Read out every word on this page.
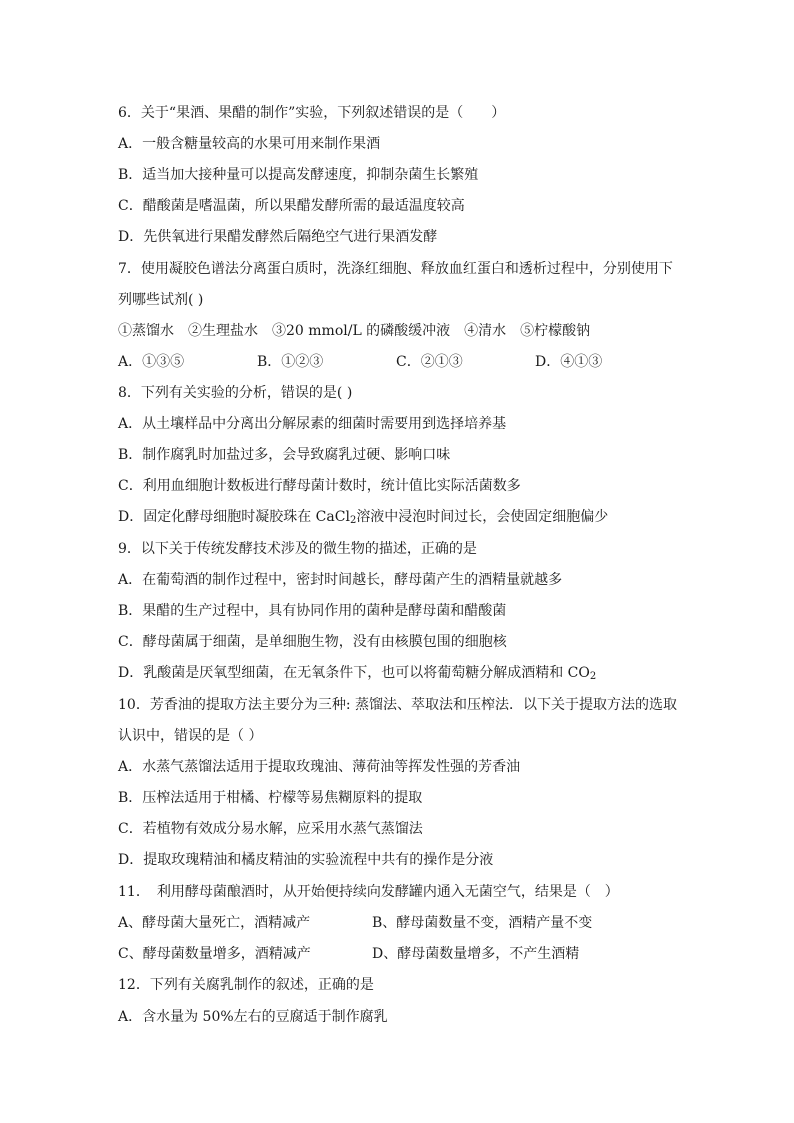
6．关于“果酒、果醋的制作”实验，下列叙述错误的是（　　）
A．一般含糖量较高的水果可用来制作果酒
B．适当加大接种量可以提高发酵速度，抑制杂菌生长繁殖
C．醋酸菌是嗜温菌，所以果醋发酵所需的最适温度较高
D．先供氧进行果醋发酵然后隔绝空气进行果酒发酵
7．使用凝胶色谱法分离蛋白质时，洗涤红细胞、释放血红蛋白和透析过程中，分别使用下
列哪些试剂( )
①蒸馏水　②生理盐水　③20 mmol/L 的磷酸缓冲液　④清水　⑤柠檬酸钠
A．①③⑤	B．①②③	C．②①③	D．④①③
8．下列有关实验的分析，错误的是( )
A．从土壤样品中分离出分解尿素的细菌时需要用到选择培养基
B．制作腐乳时加盐过多，会导致腐乳过硬、影响口味
C．利用血细胞计数板进行酵母菌计数时，统计值比实际活菌数多
D．固定化酵母细胞时凝胶珠在 CaCl$_2$溶液中浸泡时间过长，会使固定细胞偏少
9．以下关于传统发酵技术涉及的微生物的描述，正确的是
A．在葡萄酒的制作过程中，密封时间越长，酵母菌产生的酒精量就越多
B．果醋的生产过程中，具有协同作用的菌种是酵母菌和醋酸菌
C．酵母菌属于细菌，是单细胞生物，没有由核膜包围的细胞核
D．乳酸菌是厌氧型细菌，在无氧条件下，也可以将葡萄糖分解成酒精和 $CO_2$
10．芳香油的提取方法主要分为三种: 蒸馏法、萃取法和压榨法．以下关于提取方法的选取
认识中，错误的是（ ）
A．水蒸气蒸馏法适用于提取玫瑰油、薄荷油等挥发性强的芳香油
B．压榨法适用于柑橘、柠檬等易焦糊原料的提取
C．若植物有效成分易水解，应采用水蒸气蒸馏法
D．提取玫瑰精油和橘皮精油的实验流程中共有的操作是分液
11．　利用酵母菌酿酒时，从开始便持续向发酵罐内通入无菌空气，结果是（　）
A、酵母菌大量死亡，酒精减产	B、酵母菌数量不变，酒精产量不变
C、酵母菌数量增多，酒精减产	D、酵母菌数量增多，不产生酒精
12．下列有关腐乳制作的叙述，正确的是
A．含水量为 50%左右的豆腐适于制作腐乳
